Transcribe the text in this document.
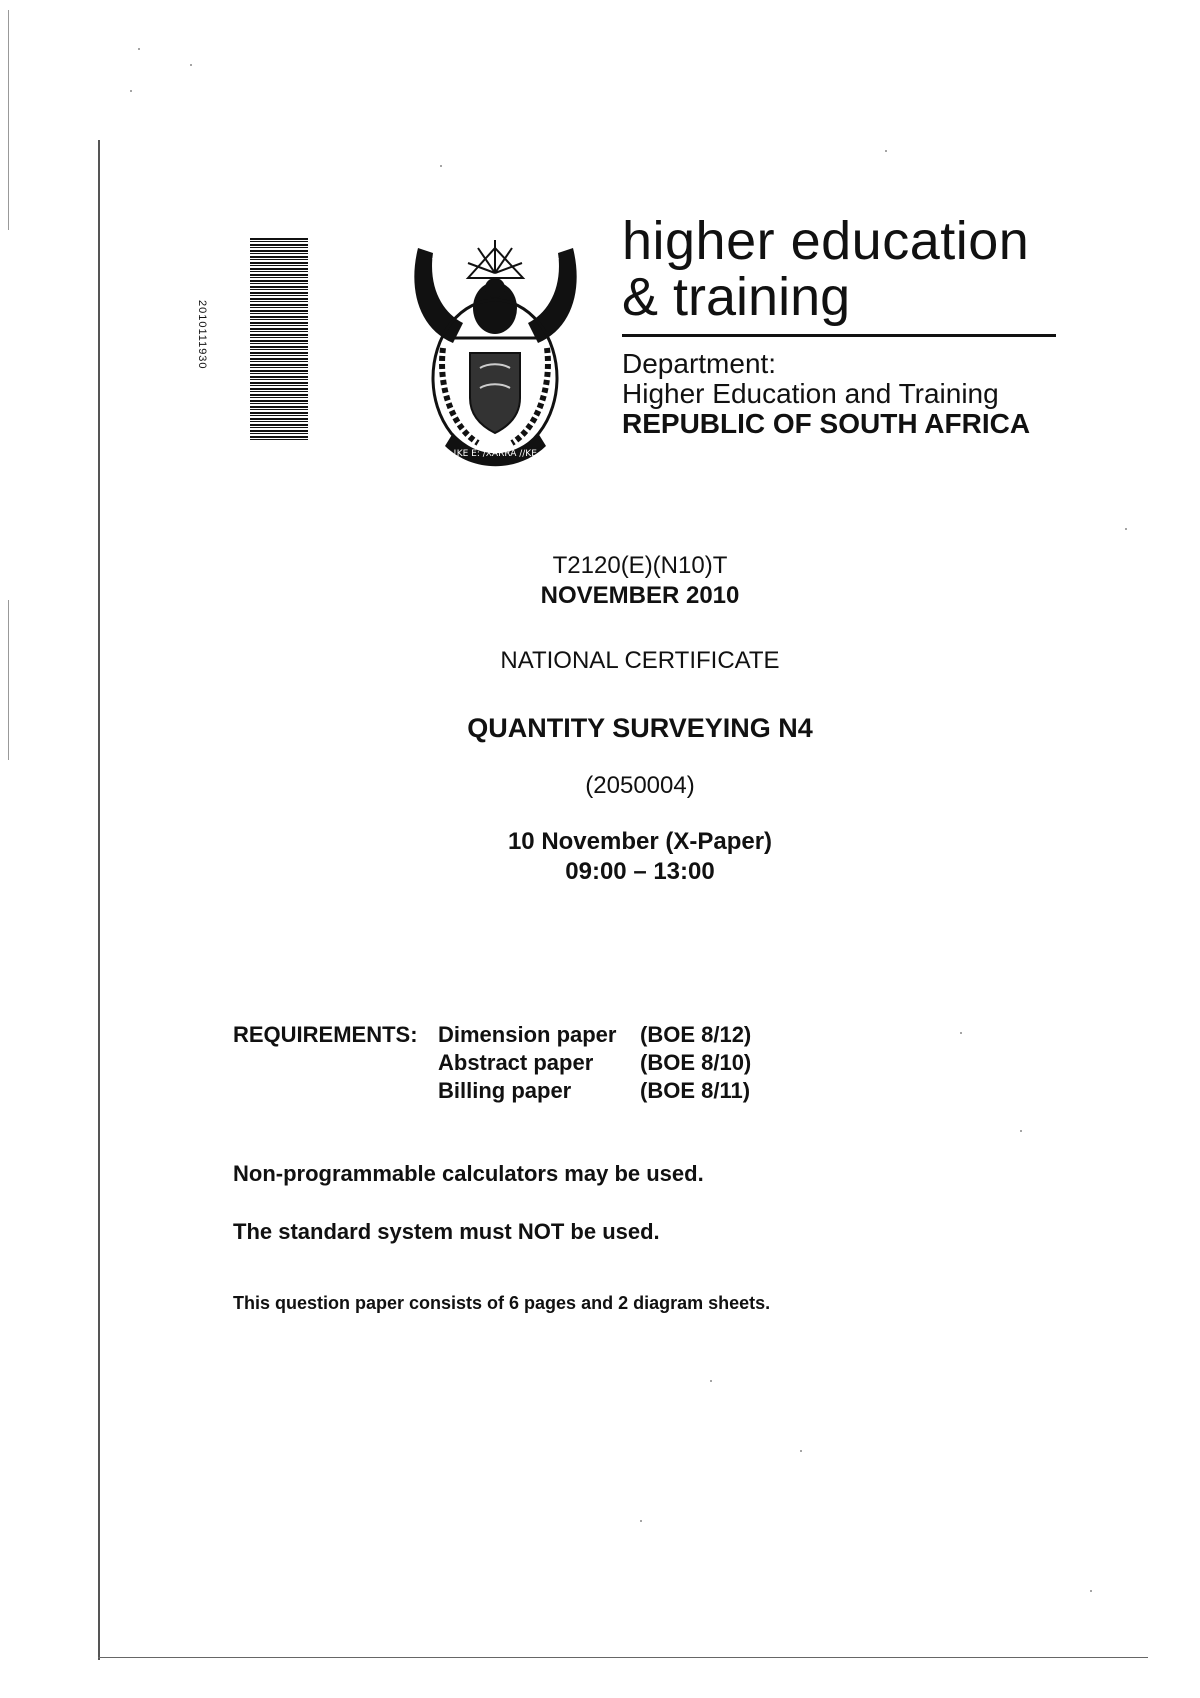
2010111930
!KE E: /XARRA //KE
higher education
& training
Department:
Higher Education and Training
REPUBLIC OF SOUTH AFRICA
T2120(E)(N10)T
NOVEMBER 2010
NATIONAL CERTIFICATE
QUANTITY SURVEYING N4
(2050004)
10 November (X-Paper)
09:00 – 13:00
REQUIREMENTS: Dimension paper (BOE 8/12)
Abstract paper (BOE 8/10)
Billing paper	(BOE 8/11)
Non-programmable calculators may be used.
The standard system must NOT be used.
This question paper consists of 6 pages and 2 diagram sheets.
